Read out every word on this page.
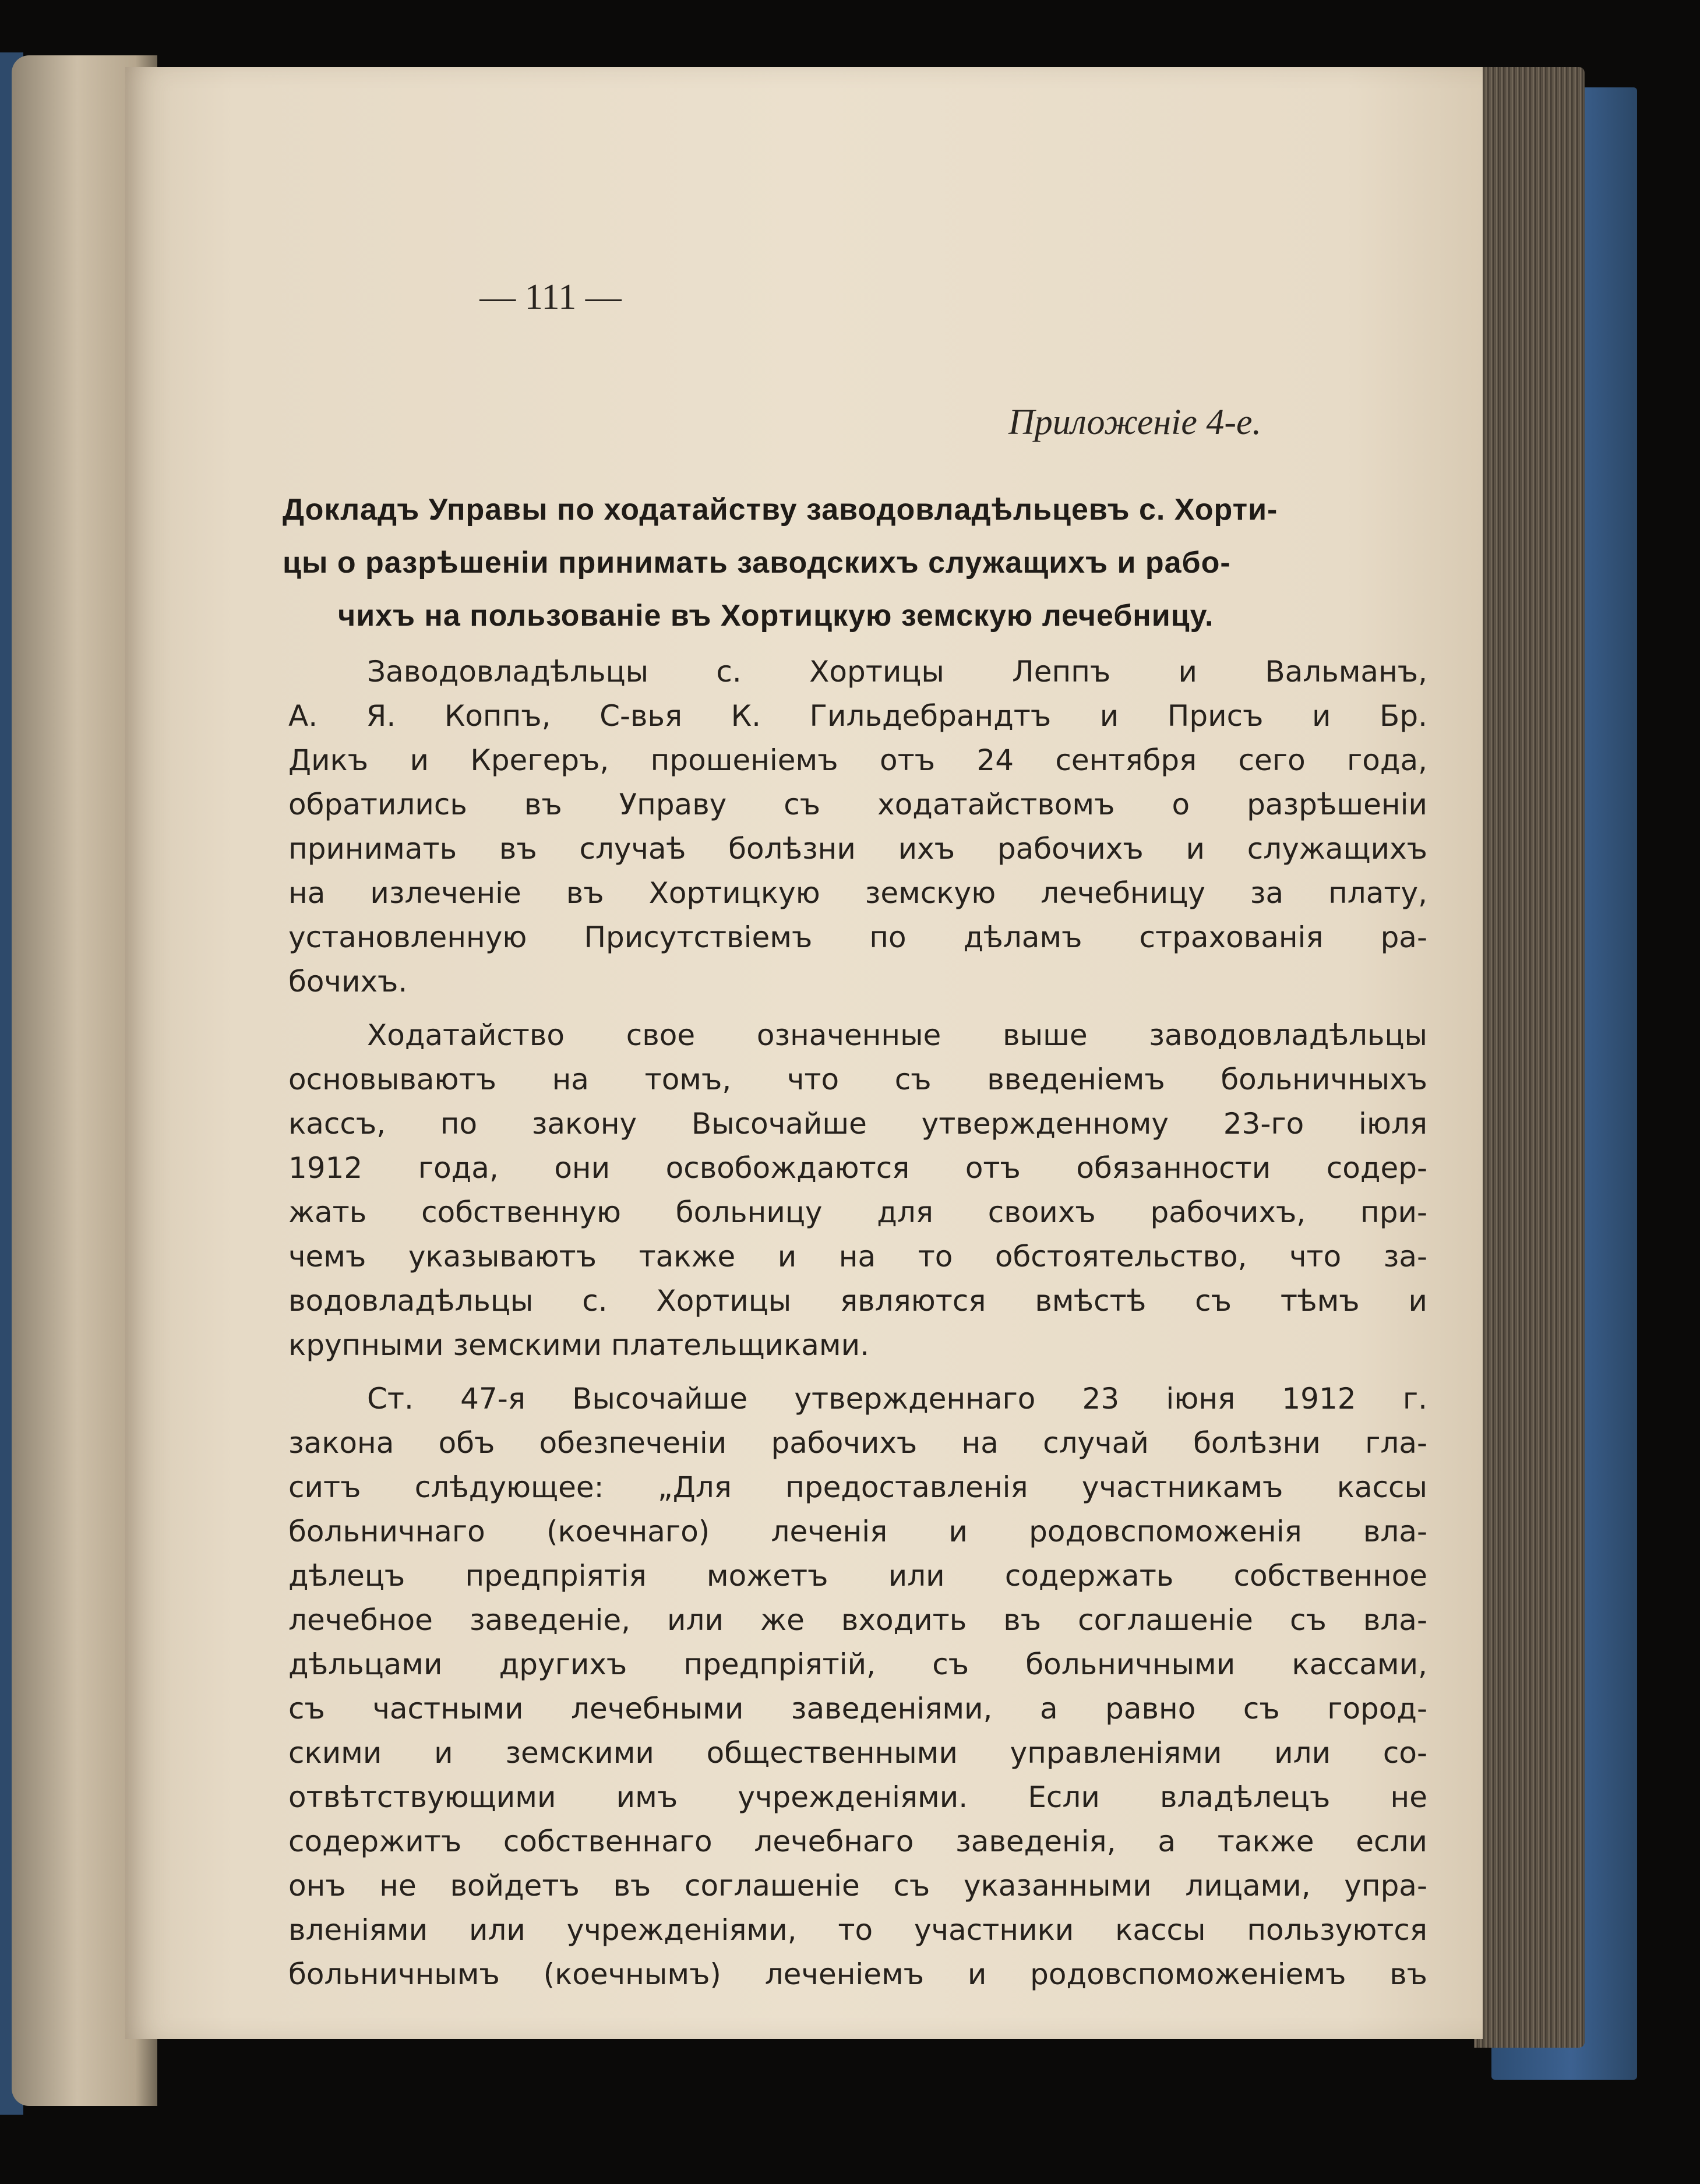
— 111 —
Приложеніе 4-е.
Докладъ Управы по ходатайству заводовладѣльцевъ с. Хорти-
цы о разрѣшеніи принимать заводскихъ служащихъ и рабо-
чихъ на пользованіе въ Хортицкую земскую лечебницу.
Заводовладѣльцы с. Хортицы Леппъ и Вальманъ,
А. Я. Коппъ, С-вья К. Гильдебрандтъ и Присъ и Бр.
Дикъ и Крегеръ, прошеніемъ отъ 24 сентября сего года,
обратились въ Управу съ ходатайствомъ о разрѣшеніи
принимать въ случаѣ болѣзни ихъ рабочихъ и служащихъ
на излеченіе въ Хортицкую земскую лечебницу за плату,
установленную Присутствіемъ по дѣламъ страхованія ра-
бочихъ.
Ходатайство свое означенные выше заводовладѣльцы
основываютъ на томъ, что съ введеніемъ больничныхъ
кассъ, по закону Высочайше утвержденному 23-го іюля
1912 года, они освобождаются отъ обязанности содер-
жать собственную больницу для своихъ рабочихъ, при-
чемъ указываютъ также и на то обстоятельство, что за-
водовладѣльцы с. Хортицы являются вмѣстѣ съ тѣмъ и
крупными земскими плательщиками.
Ст. 47-я Высочайше утвержденнаго 23 іюня 1912 г.
закона объ обезпеченіи рабочихъ на случай болѣзни гла-
ситъ слѣдующее: „Для предоставленія участникамъ кассы
больничнаго (коечнаго) леченія и родовспоможенія вла-
дѣлецъ предпріятія можетъ или содержать собственное
лечебное заведеніе, или же входить въ соглашеніе съ вла-
дѣльцами другихъ предпріятій, съ больничными кассами,
съ частными лечебными заведеніями, а равно съ город-
скими и земскими общественными управленіями или со-
отвѣтствующими имъ учрежденіями. Если владѣлецъ не
содержитъ собственнаго лечебнаго заведенія, а также если
онъ не войдетъ въ соглашеніе съ указанными лицами, упра-
вленіями или учрежденіями, то участники кассы пользуются
больничнымъ (коечнымъ) леченіемъ и родовспоможеніемъ въ
